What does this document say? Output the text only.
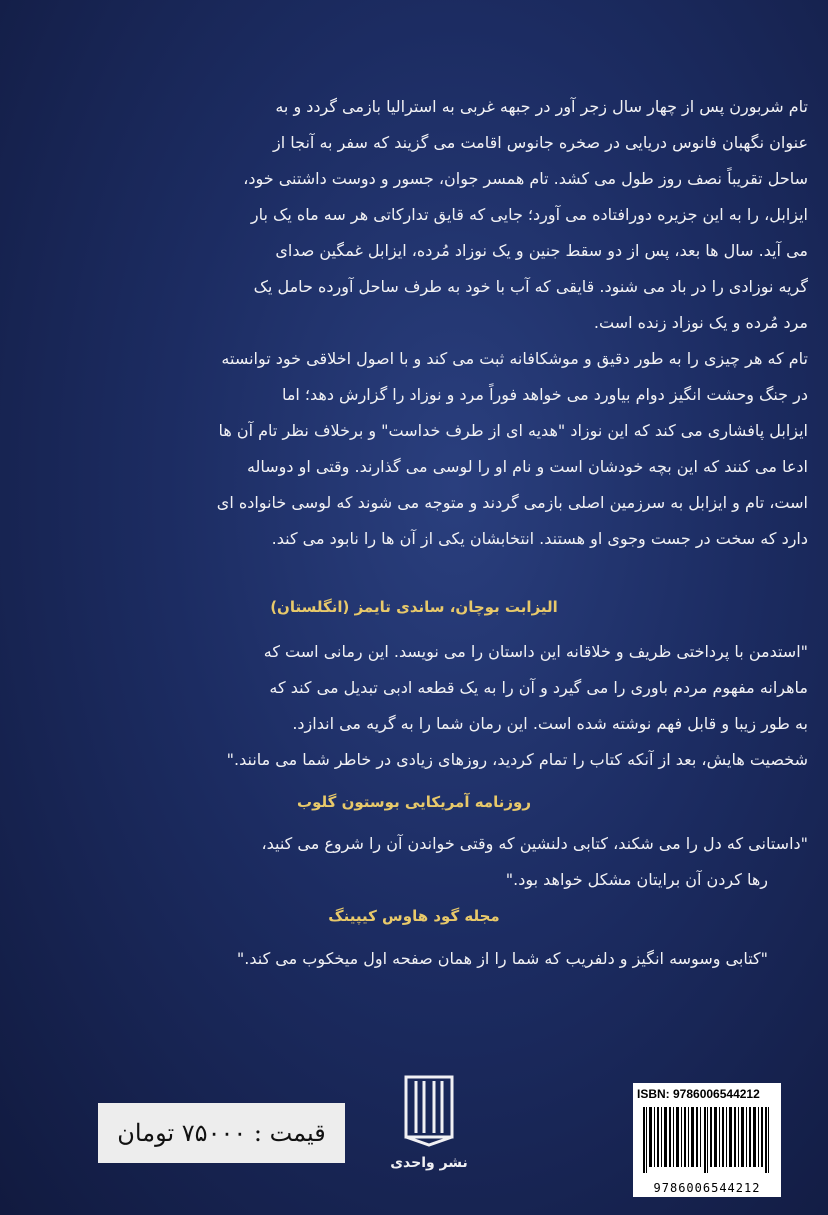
تام شربورن پس از چهار سال زجر آور در جبهه غربی به استرالیا بازمی گردد و به

عنوان نگهبان فانوس دریایی در صخره جانوس اقامت می گزیند که سفر به آنجا از

ساحل تقریباً نصف روز طول می کشد. تام همسر جوان، جسور و دوست داشتنی خود،

ایزابل، را به این جزیره دورافتاده می آورد؛ جایی که قایق تدارکاتی هر سه ماه یک بار

می آید. سال ها بعد، پس از دو سقط جنین و یک نوزاد مُرده، ایزابل غمگین صدای

گریه نوزادی را در باد می شنود. قایقی که آب با خود به طرف ساحل آورده حامل یک

مرد مُرده و یک نوزاد زنده است.

تام که هر چیزی را به طور دقیق و موشکافانه ثبت می کند و با اصول اخلاقی خود توانسته

در جنگ وحشت انگیز دوام بیاورد می خواهد فوراً مرد و نوزاد را گزارش دهد؛ اما

ایزابل پافشاری می کند که این نوزاد "هدیه ای از طرف خداست" و برخلاف نظر تام آن ها

ادعا می کنند که این بچه خودشان است و نام او را لوسی می گذارند. وقتی او دوساله

است، تام و ایزابل به سرزمین اصلی بازمی گردند و متوجه می شوند که لوسی خانواده ای

دارد که سخت در جست وجوی او هستند. انتخابشان یکی از آن ها را نابود می کند.

الیزابت بوچان، ساندی تایمز (انگلستان)

"استدمن با پرداختی ظریف و خلاقانه این داستان را می نویسد. این رمانی است که

ماهرانه مفهوم مردم باوری را می گیرد و آن را به یک قطعه ادبی تبدیل می کند که

به طور زیبا و قابل فهم نوشته شده است. این رمان شما را به گریه می اندازد.

شخصیت هایش، بعد از آنکه کتاب را تمام کردید، روزهای زیادی در خاطر شما می مانند."

روزنامه آمریکایی بوستون گلوب

"داستانی که دل را می شکند، کتابی دلنشین که وقتی خواندن آن را شروع می کنید،

رها کردن آن برایتان مشکل خواهد بود."

مجله گود هاوس کیپینگ

"کتابی وسوسه انگیز و دلفریب که شما را از همان صفحه اول میخکوب می کند."

نشر واحدی
قیمت : ۷۵۰۰۰ تومان
ISBN: 9786006544212
9786006544212
